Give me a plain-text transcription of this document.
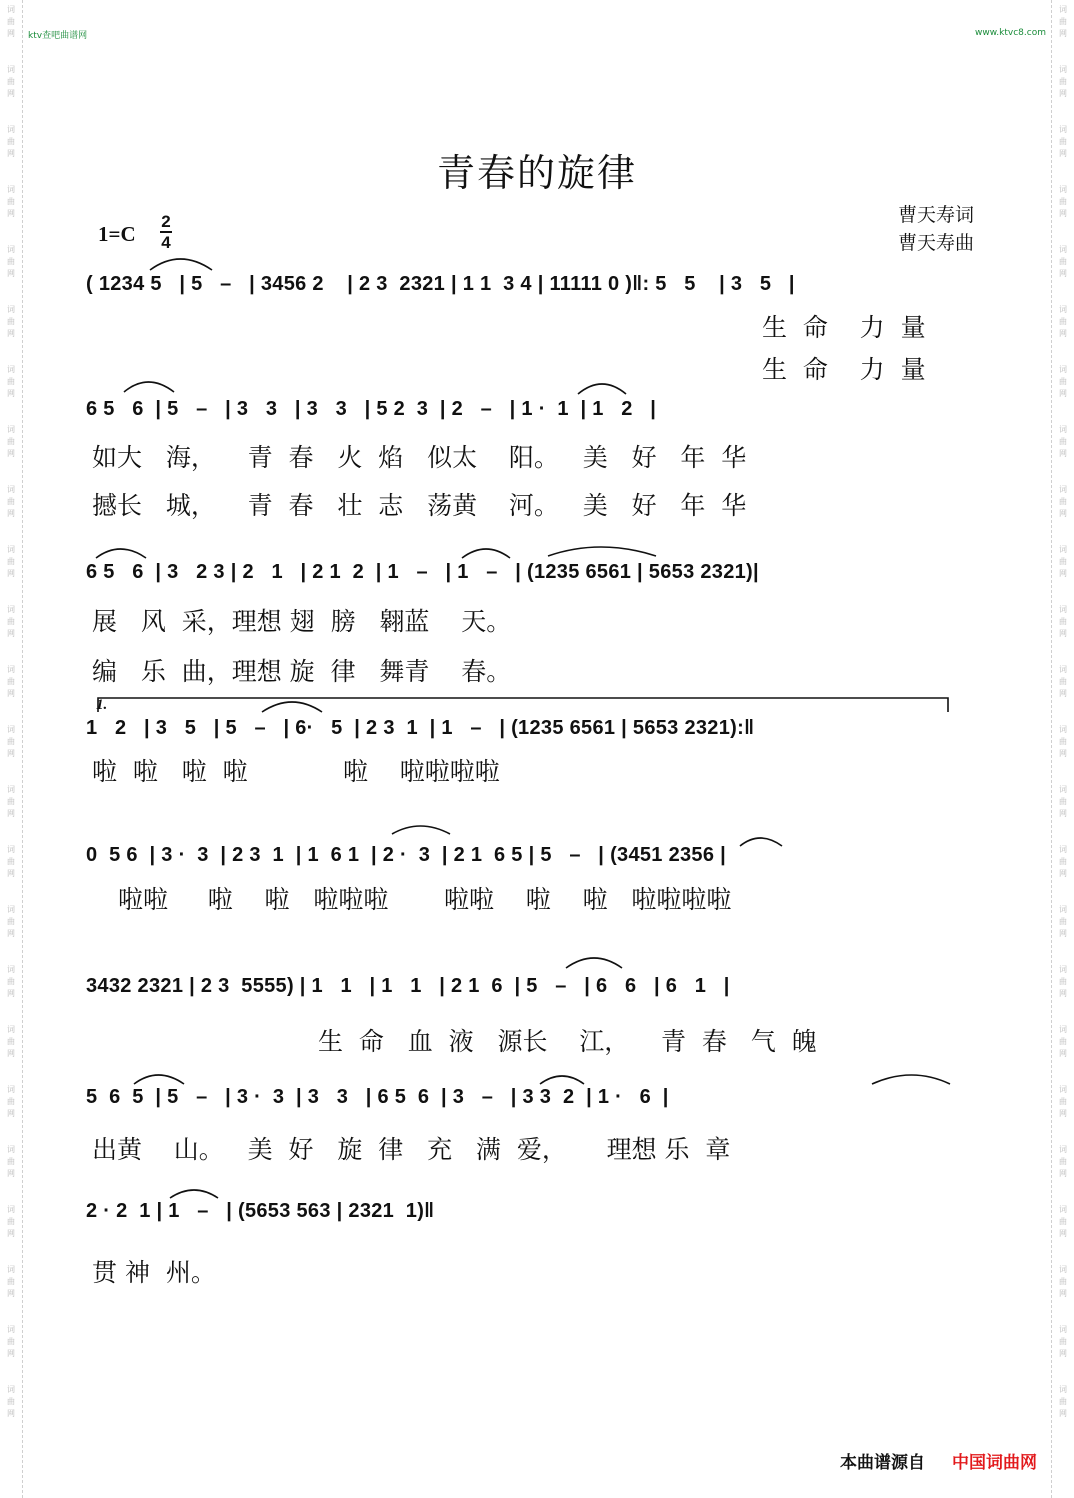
词曲网
词曲网
词曲网
词曲网
词曲网
词曲网
词曲网
词曲网
词曲网
词曲网
词曲网
词曲网
词曲网
词曲网
词曲网
词曲网
词曲网
词曲网
词曲网
词曲网
词曲网
词曲网
词曲网
词曲网
词曲网
词曲网
词曲网
词曲网
词曲网
词曲网
词曲网
词曲网
词曲网
词曲网
词曲网
词曲网
词曲网
词曲网
词曲网
词曲网
词曲网
词曲网
词曲网
词曲网
词曲网
词曲网
词曲网
词曲网
ktv查吧曲谱网	www.ktvc8.com
青春的旋律
曹天寿词
曹天寿曲
1=C
2
4
( 1234 5   | 5   –   | 3456 2    | 2 3  2321 | 1 1  3 4 | 11111 0 )‖: 5   5    | 3   5   |
生  命    力  量
生  命    力  量
6 5   6  | 5   –   | 3   3   | 3   3   | 5 2  3  | 2   –   | 1 ·  1  | 1   2   |
如大   海，    青  春   火  焰   似太    阳。   美   好   年  华
撼长   城，    青  春   壮  志   荡黄    河。   美   好   年  华
6 5   6  | 3   2 3 | 2   1   | 2 1  2  | 1   –   | 1   –   | (1235 6561 | 5653 2321)|
展   风  采，理想 翅  膀   翱蓝    天。
编   乐  曲，理想 旋  律   舞青    春。
1.
1   2   | 3   5   | 5   –   | 6·   5  | 2 3  1  | 1   –   | (1235 6561 | 5653 2321):‖
啦  啦   啦  啦            啦    啦啦啦啦
0  5 6  | 3 ·  3  | 2 3  1  | 1  6 1  | 2 ·  3  | 2 1  6 5 | 5   –   | (3451 2356 |
啦啦     啦    啦   啦啦啦       啦啦    啦    啦   啦啦啦啦
3432 2321 | 2 3  5555) | 1   1   | 1   1   | 2 1  6  | 5   –   | 6   6   | 6   1   |
生  命   血  液   源长    江，    青  春   气  魄
5  6  5  | 5   –   | 3 ·  3  | 3   3   | 6 5  6  | 3   –   | 3 3  2  | 1 ·   6  |
出黄    山。   美  好   旋  律   充   满  爱，     理想 乐  章
2 · 2  1 | 1   –   | (5653 563 | 2321  1)‖
贯 神  州。
本曲谱源自 中国词曲网
